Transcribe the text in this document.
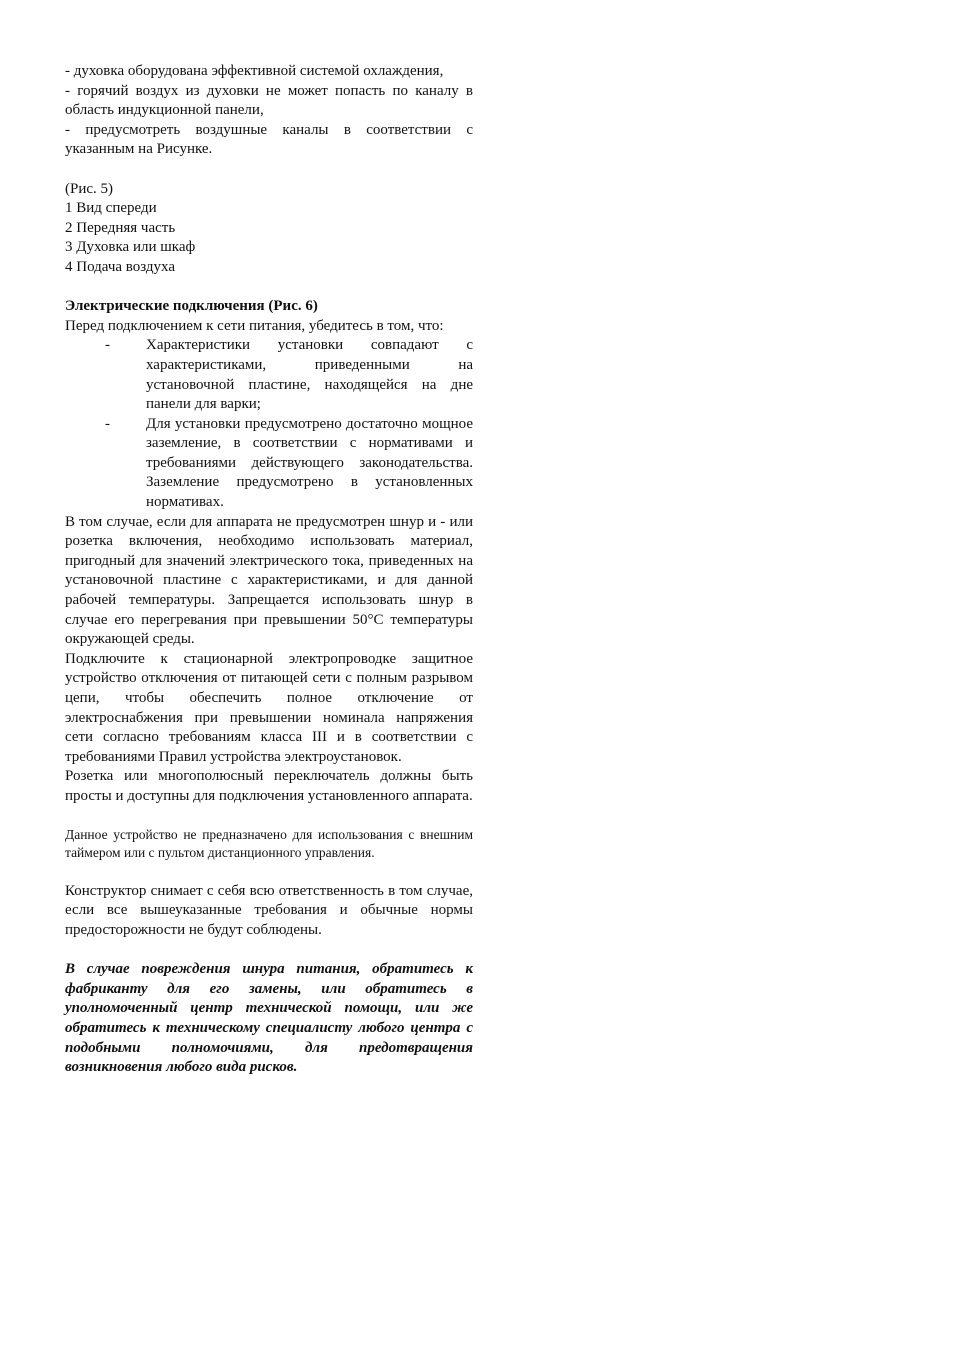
- духовка оборудована эффективной системой охлаждения,

- горячий воздух из духовки не может попасть по каналу в область индукционной панели,

- предусмотреть воздушные каналы в соответствии с указанным на Рисунке.

(Рис. 5)

1 Вид спереди

2 Передняя часть

3 Духовка или шкаф

4 Подача воздуха

Электрические подключения (Рис. 6)

Перед подключением к сети питания, убедитесь в том, что:

- Характеристики установки совпадают с характеристиками, приведенными на установочной пластине, находящейся на дне панели для варки;

- Для установки предусмотрено достаточно мощное заземление, в соответствии с нормативами и требованиями действующего законодательства. Заземление предусмотрено в установленных нормативах.

В том случае, если для аппарата не предусмотрен шнур и - или розетка включения, необходимо использовать материал, пригодный для значений электрического тока, приведенных на установочной пластине с характеристиками, и для данной рабочей температуры. Запрещается использовать шнур в случае его перегревания при превышении 50°С температуры окружающей среды.

Подключите к стационарной электропроводке защитное устройство отключения от питающей сети с полным разрывом цепи, чтобы обеспечить полное отключение от электроснабжения при превышении номинала напряжения сети согласно требованиям класса III и в соответствии с требованиями Правил устройства электроустановок.

Розетка или многополюсный переключатель должны быть просты и доступны для подключения установленного аппарата.

Данное устройство не предназначено для использования с внешним таймером или с пультом дистанционного управления.

Конструктор снимает с себя всю ответственность в том случае, если все вышеуказанные требования и обычные нормы предосторожности не будут соблюдены.

В случае повреждения шнура питания, обратитесь к фабриканту для его замены, или обратитесь в уполномоченный центр технической помощи, или же обратитесь к техническому специалисту любого центра с подобными полномочиями, для предотвращения возникновения любого вида рисков.
